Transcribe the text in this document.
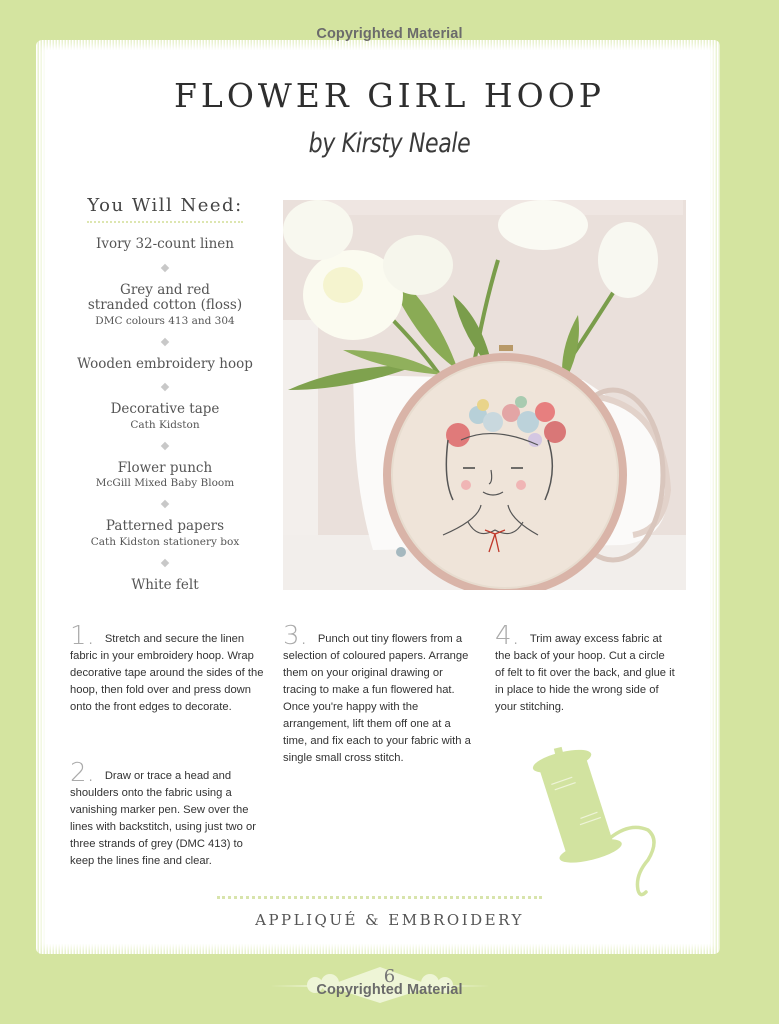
Copyrighted Material
FLOWER GIRL HOOP
by Kirsty Neale
You Will Need:
Ivory 32-count linen
Grey and red
stranded cotton (floss)
DMC colours 413 and 304
Wooden embroidery hoop
Decorative tape
Cath Kidston
Flower punch
McGill Mixed Baby Bloom
Patterned papers
Cath Kidston stationery box
White felt
1. Stretch and secure the linen fabric in your embroidery hoop. Wrap decorative tape around the sides of the hoop, then fold over and press down onto the front edges to decorate.
2. Draw or trace a head and shoulders onto the fabric using a vanishing marker pen. Sew over the lines with backstitch, using just two or three strands of grey (DMC 413) to keep the lines fine and clear.
3. Punch out tiny flowers from a selection of coloured papers. Arrange them on your original drawing or tracing to make a fun flowered hat. Once you're happy with the arrangement, lift them off one at a time, and fix each to your fabric with a single small cross stitch.
4. Trim away excess fabric at the back of your hoop. Cut a circle of felt to fit over the back, and glue it in place to hide the wrong side of your stitching.
APPLIQUÉ & EMBROIDERY
6
Copyrighted Material
